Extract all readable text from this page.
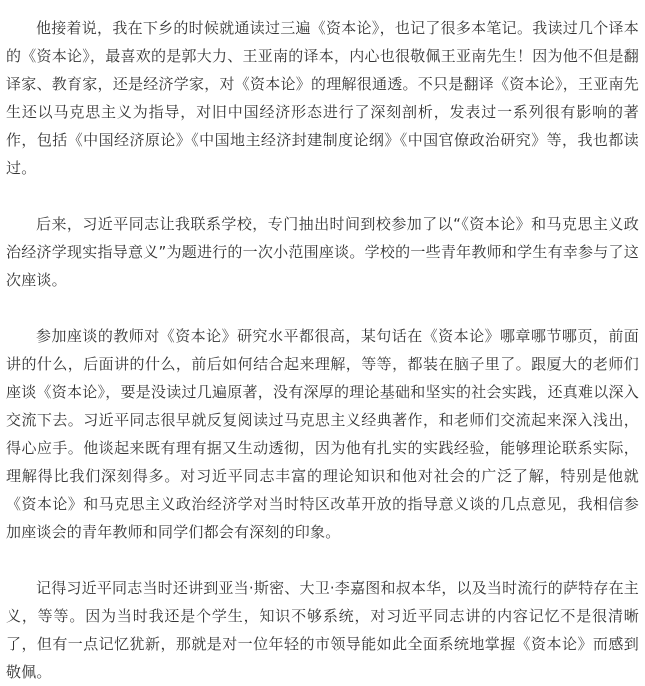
他接着说，我在下乡的时候就通读过三遍《资本论》，也记了很多本笔记。我读过几个译本的《资本论》，最喜欢的是郭大力、王亚南的译本，内心也很敬佩王亚南先生！因为他不但是翻译家、教育家，还是经济学家，对《资本论》的理解很通透。不只是翻译《资本论》，王亚南先生还以马克思主义为指导，对旧中国经济形态进行了深刻剖析，发表过一系列很有影响的著作，包括《中国经济原论》《中国地主经济封建制度论纲》《中国官僚政治研究》等，我也都读过。

后来，习近平同志让我联系学校，专门抽出时间到校参加了以“《资本论》和马克思主义政治经济学现实指导意义”为题进行的一次小范围座谈。学校的一些青年教师和学生有幸参与了这次座谈。

参加座谈的教师对《资本论》研究水平都很高，某句话在《资本论》哪章哪节哪页，前面讲的什么，后面讲的什么，前后如何结合起来理解，等等，都装在脑子里了。跟厦大的老师们座谈《资本论》，要是没读过几遍原著，没有深厚的理论基础和坚实的社会实践，还真难以深入交流下去。习近平同志很早就反复阅读过马克思主义经典著作，和老师们交流起来深入浅出，得心应手。他谈起来既有理有据又生动透彻，因为他有扎实的实践经验，能够理论联系实际，理解得比我们深刻得多。对习近平同志丰富的理论知识和他对社会的广泛了解，特别是他就《资本论》和马克思主义政治经济学对当时特区改革开放的指导意义谈的几点意见，我相信参加座谈会的青年教师和同学们都会有深刻的印象。

记得习近平同志当时还讲到亚当·斯密、大卫·李嘉图和叔本华，以及当时流行的萨特存在主义，等等。因为当时我还是个学生，知识不够系统，对习近平同志讲的内容记忆不是很清晰了，但有一点记忆犹新，那就是对一位年轻的市领导能如此全面系统地掌握《资本论》而感到敬佩。
